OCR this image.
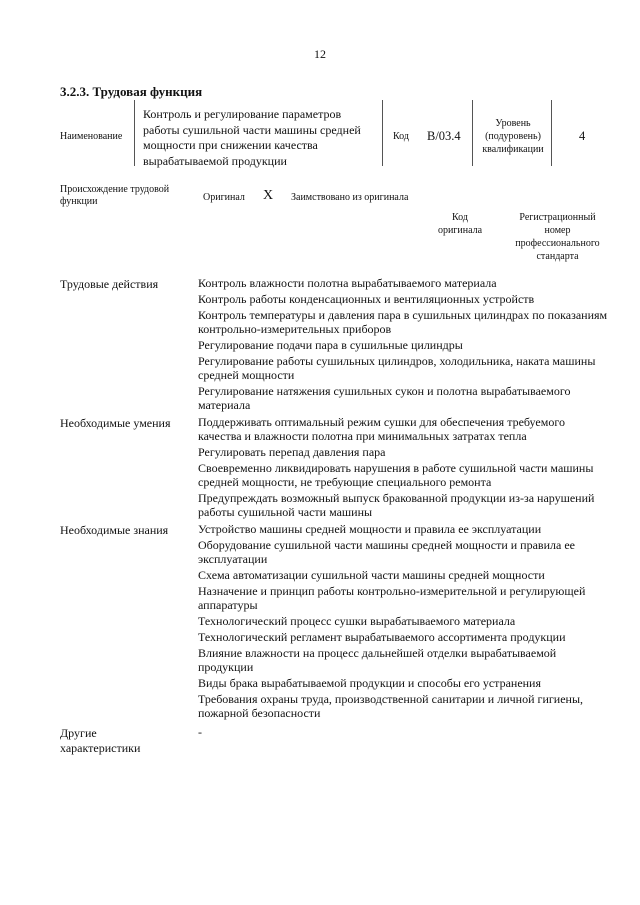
12
3.2.3. Трудовая функция
Наименование
Контроль и регулирование параметров работы сушильной части машины средней мощности при снижении качества вырабатываемой продукции
Код В/03.4
Уровень (подуровень) квалификации
4
Происхождение трудовой функции	Оригинал X Заимствовано из оригинала
Код оригинала
Регистрационный номер профессионального стандарта
Трудовые действия	Контроль влажности полотна вырабатываемого материала
Контроль работы конденсационных и вентиляционных устройств
Контроль температуры и давления пара в сушильных цилиндрах по показаниям контрольно-измерительных приборов
Регулирование подачи пара в сушильные цилиндры
Регулирование работы сушильных цилиндров, холодильника, наката машины средней мощности
Регулирование натяжения сушильных сукон и полотна вырабатываемого материала
Необходимые умения Поддерживать оптимальный режим сушки для обеспечения требуемого качества и влажности полотна при минимальных затратах тепла
Регулировать перепад давления пара
Своевременно ликвидировать нарушения в работе сушильной части машины средней мощности, не требующие специального ремонта
Предупреждать возможный выпуск бракованной продукции из-за нарушений работы сушильной части машины
Необходимые знания Устройство машины средней мощности и правила ее эксплуатации
Оборудование сушильной части машины средней мощности и правила ее эксплуатации
Схема автоматизации сушильной части машины средней мощности
Назначение и принцип работы контрольно-измерительной и регулирующей аппаратуры
Технологический процесс сушки вырабатываемого материала
Технологический регламент вырабатываемого ассортимента продукции
Влияние влажности на процесс дальнейшей отделки вырабатываемой продукции
Виды брака вырабатываемой продукции и способы его устранения
Требования охраны труда, производственной санитарии и личной гигиены, пожарной безопасности
Другие
характеристики
-
